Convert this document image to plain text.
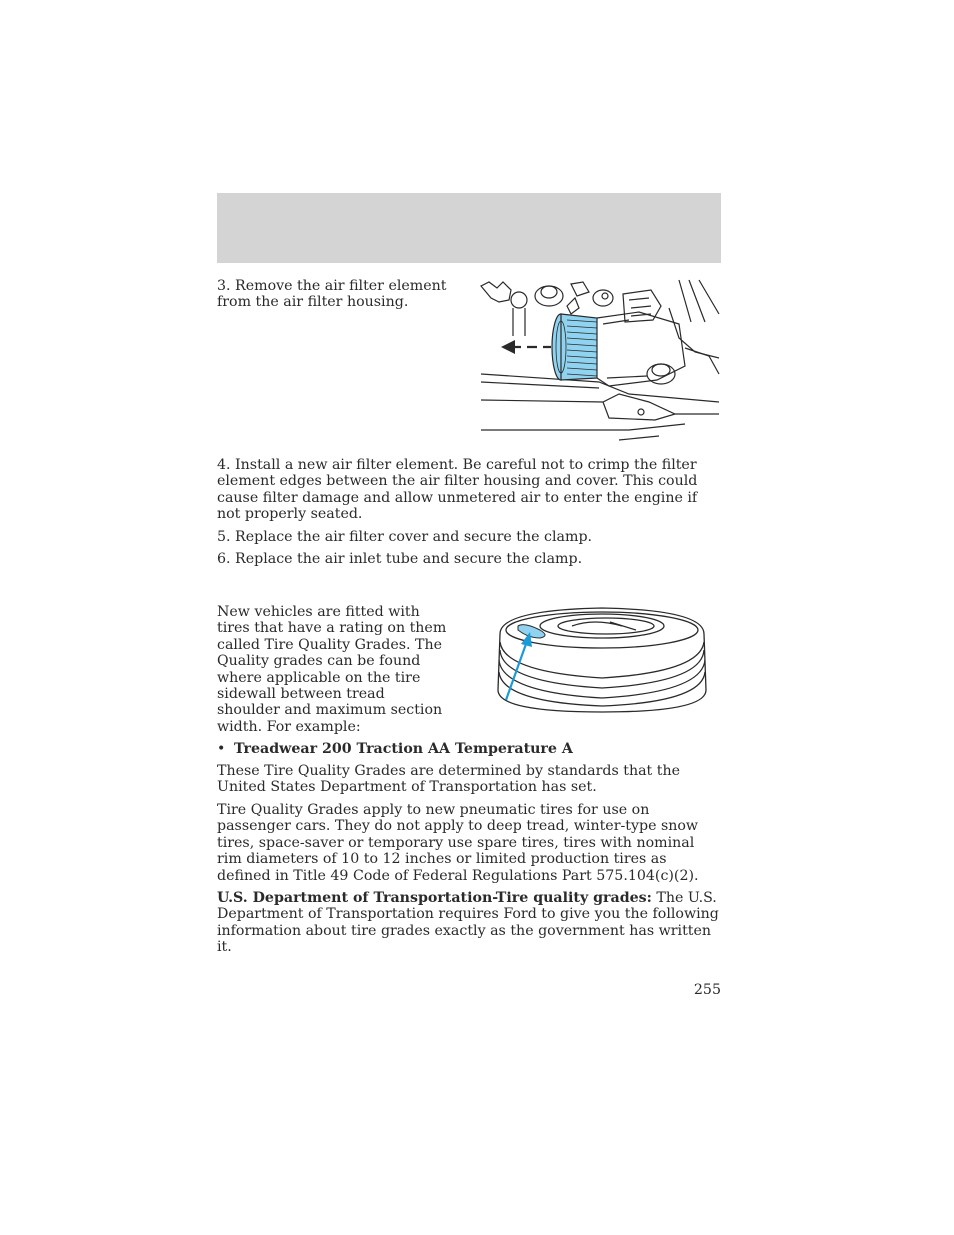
3. Remove the air filter element from the air filter housing.

4. Install a new air filter element. Be careful not to crimp the filter element edges between the air filter housing and cover. This could cause filter damage and allow unmetered air to enter the engine if not properly seated.

5. Replace the air filter cover and secure the clamp.

6. Replace the air inlet tube and secure the clamp.

New vehicles are fitted with tires that have a rating on them called Tire Quality Grades. The Quality grades can be found where applicable on the tire sidewall between tread shoulder and maximum section width. For example:

• Treadwear 200 Traction AA Temperature A

These Tire Quality Grades are determined by standards that the United States Department of Transportation has set.

Tire Quality Grades apply to new pneumatic tires for use on passenger cars. They do not apply to deep tread, winter-type snow tires, space-saver or temporary use spare tires, tires with nominal rim diameters of 10 to 12 inches or limited production tires as defined in Title 49 Code of Federal Regulations Part 575.104(c)(2).

U.S. Department of Transportation-Tire quality grades: The U.S. Department of Transportation requires Ford to give you the following information about tire grades exactly as the government has written it.

255
